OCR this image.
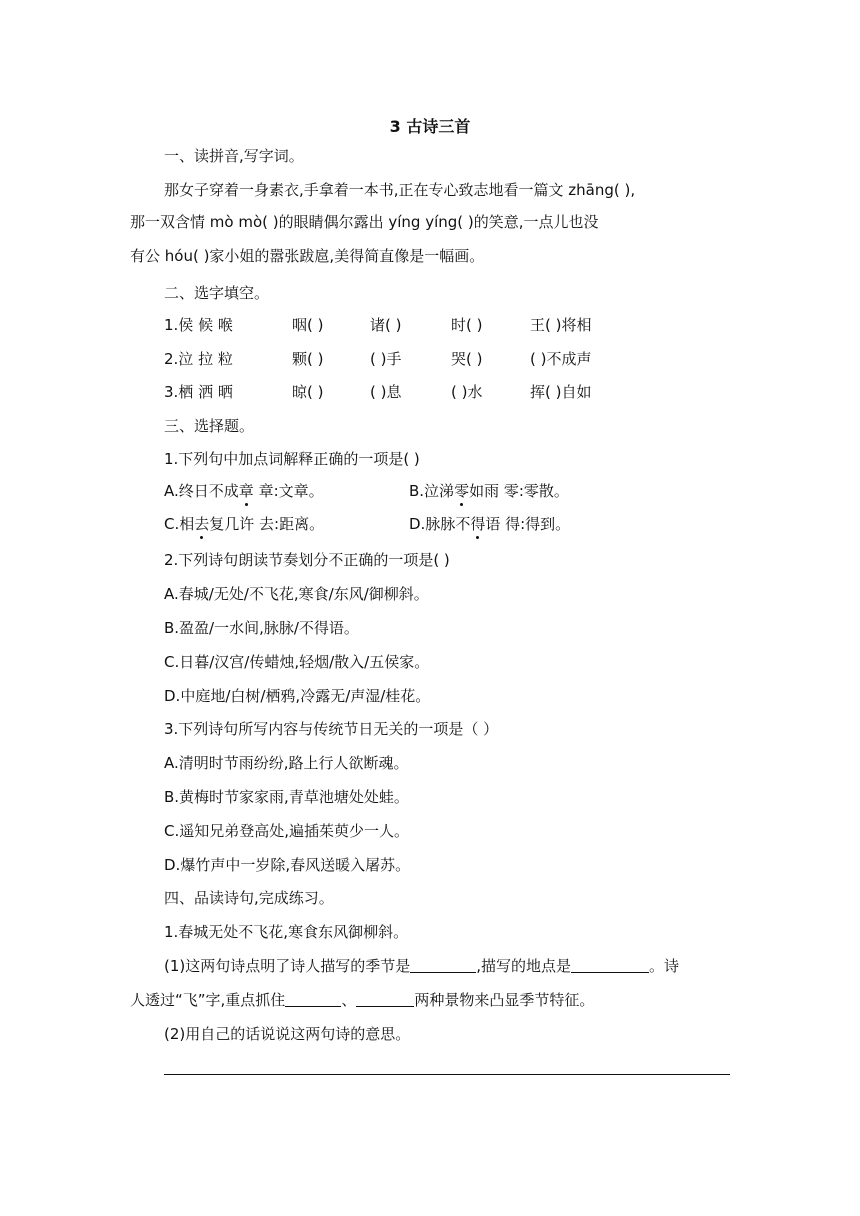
3 古诗三首
一、读拼音,写字词。
那女子穿着一身素衣,手拿着一本书,正在专心致志地看一篇文 zhāng( ),
那一双含情 mò mò( )的眼睛偶尔露出 yíng yíng( )的笑意,一点儿也没
有公 hóu( )家小姐的嚣张跋扈,美得简直像是一幅画。
二、选字填空。
1.侯 候 喉	咽( )	诸( )	时( )	王( )将相
2.泣 拉 粒	颗( )	( )手	哭( )	( )不成声
3.栖 洒 晒	晾( )	( )息	( )水	挥( )自如
三、选择题。
1.下列句中加点词解释正确的一项是( )
A.终日不成章 章:文章。	B.泣涕零如雨 零:零散。
C.相去复几许 去:距离。	D.脉脉不得语 得:得到。
2.下列诗句朗读节奏划分不正确的一项是( )
A.春城/无处/不飞花,寒食/东风/御柳斜。
B.盈盈/一水间,脉脉/不得语。
C.日暮/汉宫/传蜡烛,轻烟/散入/五侯家。
D.中庭地/白树/栖鸦,冷露无/声湿/桂花。
3.下列诗句所写内容与传统节日无关的一项是（ ）
A.清明时节雨纷纷,路上行人欲断魂。
B.黄梅时节家家雨,青草池塘处处蛙。
C.遥知兄弟登高处,遍插茱萸少一人。
D.爆竹声中一岁除,春风送暖入屠苏。
四、品读诗句,完成练习。
1.春城无处不飞花,寒食东风御柳斜。
(1)这两句诗点明了诗人描写的季节是	,描写的地点是	。诗
人透过“飞”字,重点抓住	、	两种景物来凸显季节特征。
(2)用自己的话说说这两句诗的意思。
